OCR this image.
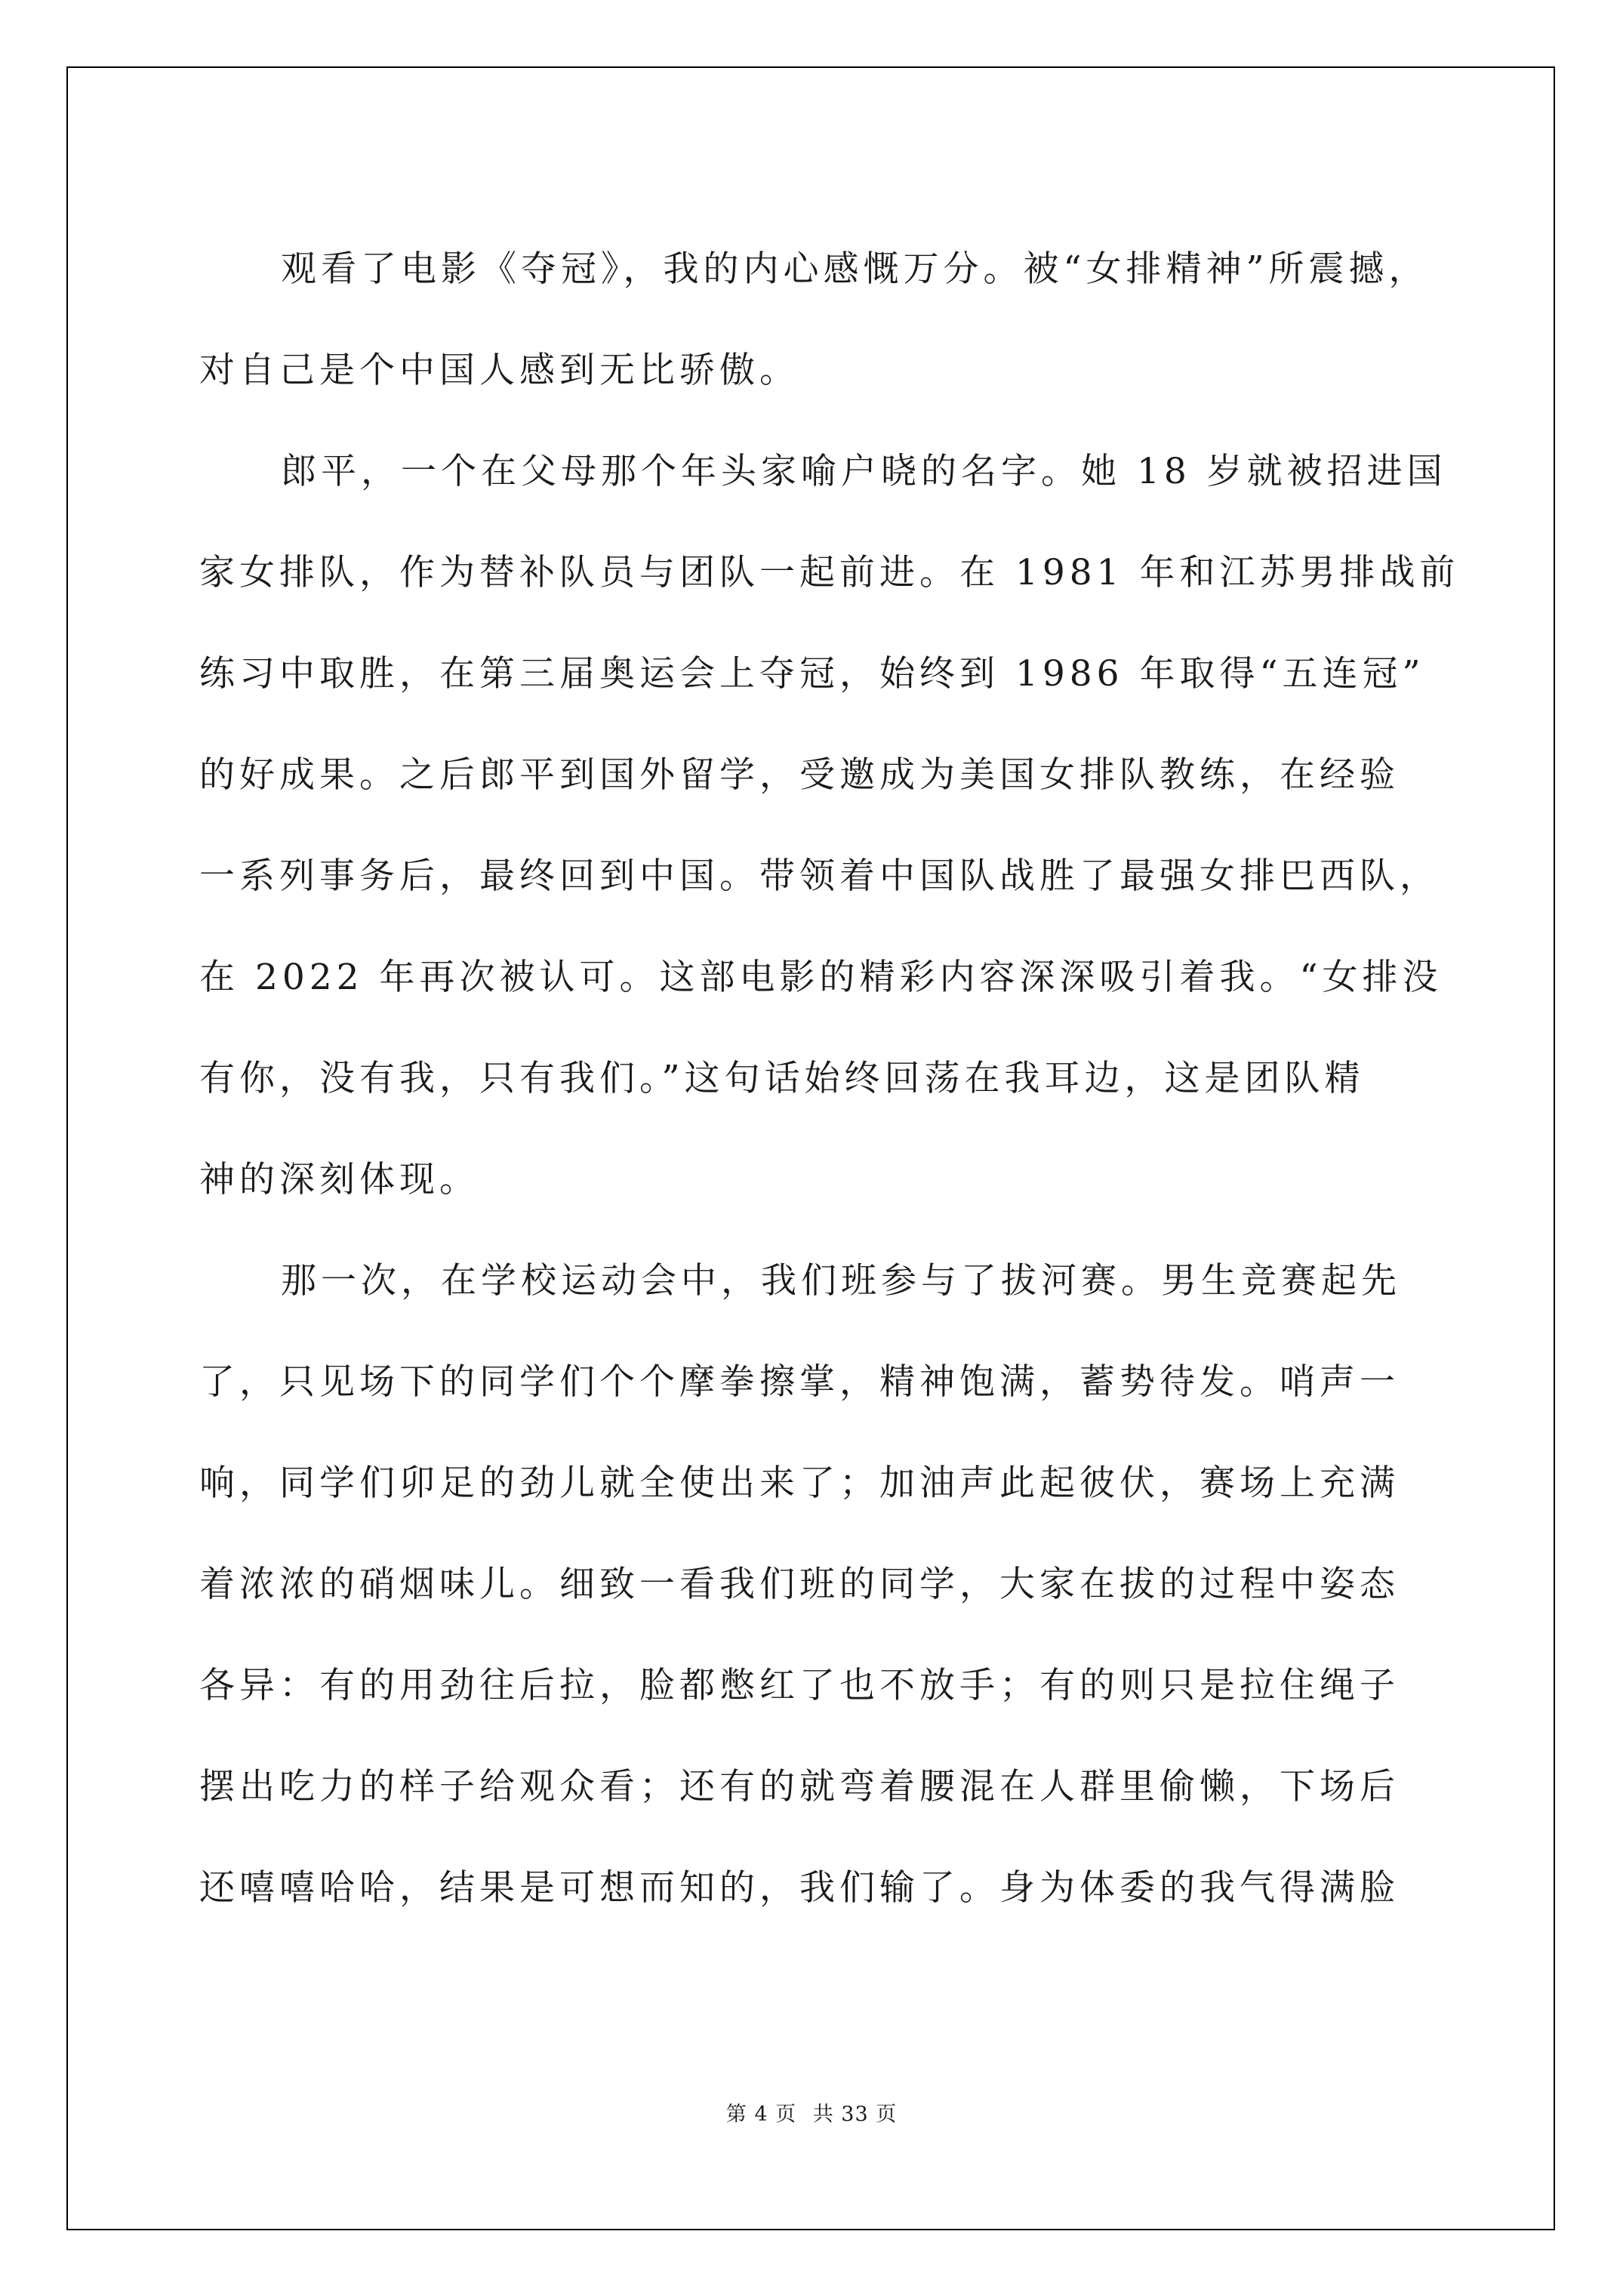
观看了电影《夺冠》，我的内心感慨万分。被“女排精神”所震撼，
对自己是个中国人感到无比骄傲。
郎平，一个在父母那个年头家喻户晓的名字。她 18 岁就被招进国
家女排队，作为替补队员与团队一起前进。在 1981 年和江苏男排战前
练习中取胜，在第三届奥运会上夺冠，始终到 1986 年取得“五连冠”
的好成果。之后郎平到国外留学，受邀成为美国女排队教练，在经验
一系列事务后，最终回到中国。带领着中国队战胜了最强女排巴西队，
在 2022 年再次被认可。这部电影的精彩内容深深吸引着我。“女排没
有你，没有我，只有我们。”这句话始终回荡在我耳边，这是团队精
神的深刻体现。
那一次，在学校运动会中，我们班参与了拔河赛。男生竞赛起先
了，只见场下的同学们个个摩拳擦掌，精神饱满，蓄势待发。哨声一
响，同学们卯足的劲儿就全使出来了；加油声此起彼伏，赛场上充满
着浓浓的硝烟味儿。细致一看我们班的同学，大家在拔的过程中姿态
各异：有的用劲往后拉，脸都憋红了也不放手；有的则只是拉住绳子
摆出吃力的样子给观众看；还有的就弯着腰混在人群里偷懒，下场后
还嘻嘻哈哈，结果是可想而知的，我们输了。身为体委的我气得满脸
第 4 页 共 33 页
